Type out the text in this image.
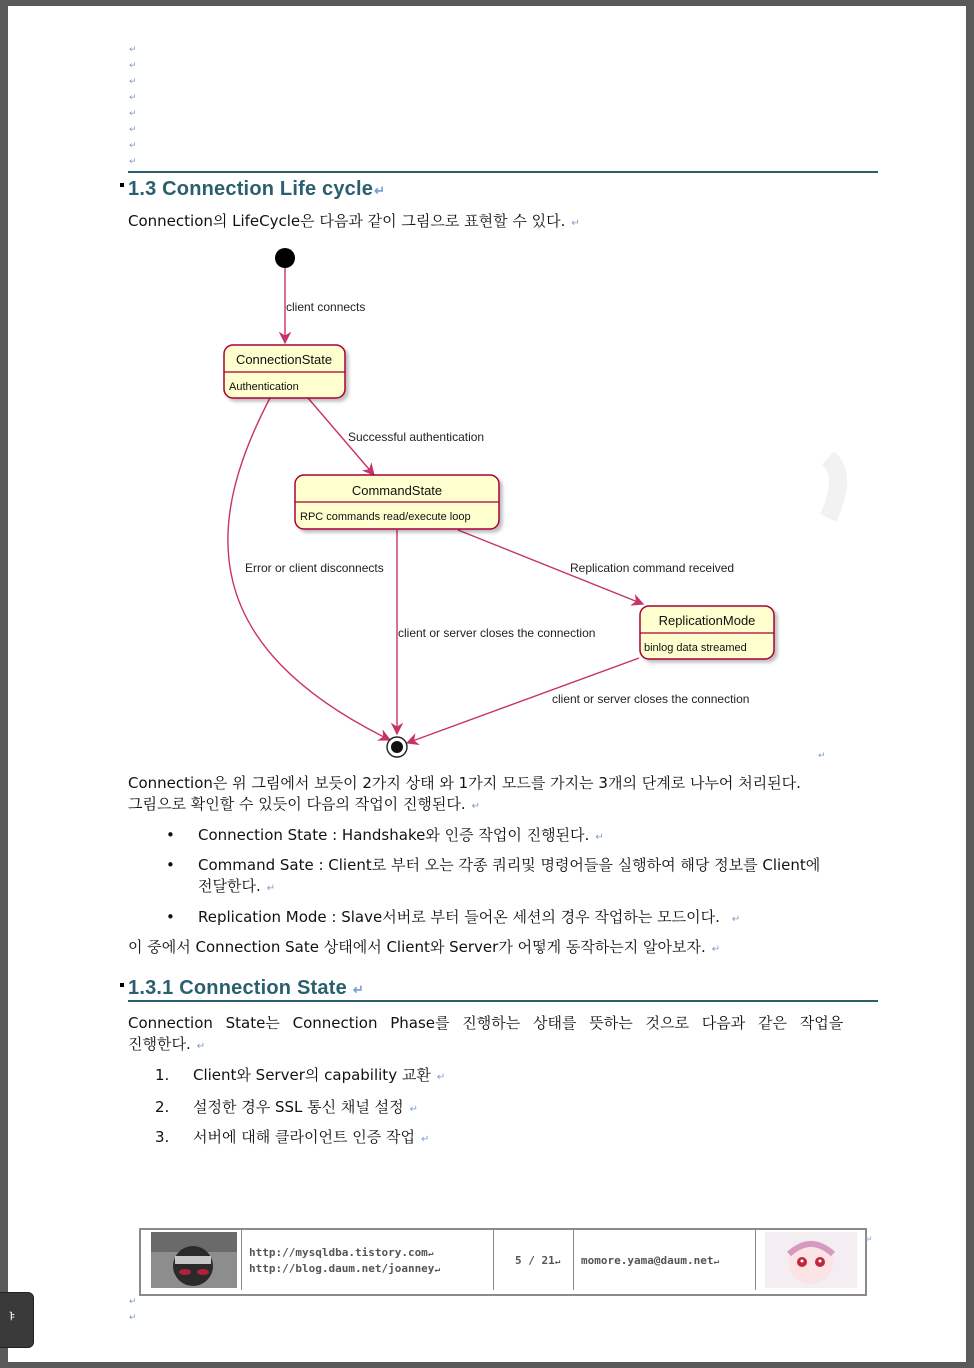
↵
↵
↵
↵
↵
↵
↵
↵
1.3 Connection Life cycle↵
Connection의 LifeCycle은 다음과 같이 그림으로 표현할 수 있다. ↵
client connects
Successful authentication
Error or client disconnects	Replication command received
client or server closes the connection
client or server closes the connection
ConnectionState
Authentication
CommandState
RPC commands read/execute loop
ReplicationMode
binlog data streamed
↵
Connection은 위 그림에서 보듯이 2가지 상태 와 1가지 모드를 가지는 3개의 단계로 나누어 처리된다.
그림으로 확인할 수 있듯이 다음의 작업이 진행된다. ↵
• Connection State : Handshake와 인증 작업이 진행된다. ↵
• Command Sate : Client로 부터 오는 각종 쿼리및 명령어들을 실행하여 해당 정보를 Client에
전달한다. ↵
• Replication Mode : Slave서버로 부터 들어온 세션의 경우 작업하는 모드이다. ↵
이 중에서 Connection Sate 상태에서 Client와 Server가 어떻게 동작하는지 알아보자. ↵
1.3.1 Connection State ↵
Connection State는 Connection Phase를 진행하는 상태를 뜻하는 것으로 다음과 같은 작업을
진행한다. ↵
1. Client와 Server의 capability 교환 ↵
2. 설정한 경우 SSL 통신 채널 설정 ↵
3. 서버에 대해 클라이언트 인증 작업 ↵
http://mysqldba.tistory.com↵
http://blog.daum.net/joanney↵
5 / 21↵ momore.yama@daum.net↵
↵
↵
↵
ᅣ
